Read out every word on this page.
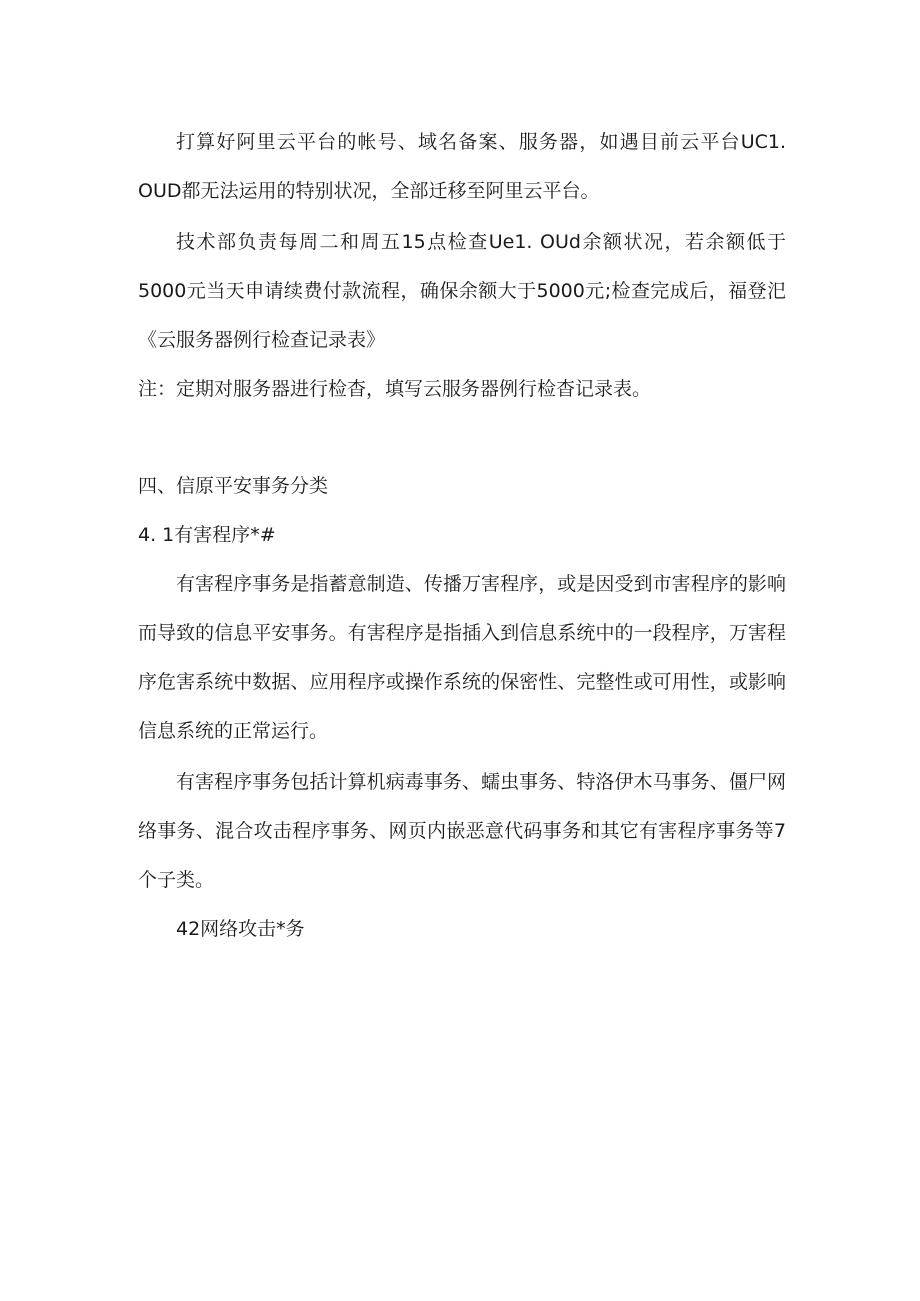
打算好阿里云平台的帐号、域名备案、服务器，如遇目前云平台UC1. OUD都无法运用的特别状况，全部迁移至阿里云平台。

技术部负责每周二和周五15点检查Ue1. OUd余额状况，若余额低于5000元当天申请续费付款流程，确保余额大于5000元;检查完成后，福登汜《云服务器例行检查记录表》

注：定期对服务器进行检杳，填写云服务器例行检杳记录表。

四、信原平安事务分类

4. 1有害程序*#

有害程序事务是指蓄意制造、传播万害程序，或是因受到市害程序的影响而导致的信息平安事务。有害程序是指插入到信息系统中的一段程序，万害程序危害系统中数据、应用程序或操作系统的保密性、完整性或可用性，或影响信息系统的正常运行。

有害程序事务包括计算机病毒事务、蠕虫事务、特洛伊木马事务、僵尸网络事务、混合攻击程序事务、网页内嵌恶意代码事务和其它有害程序事务等7个子类。

42网络攻击*务
